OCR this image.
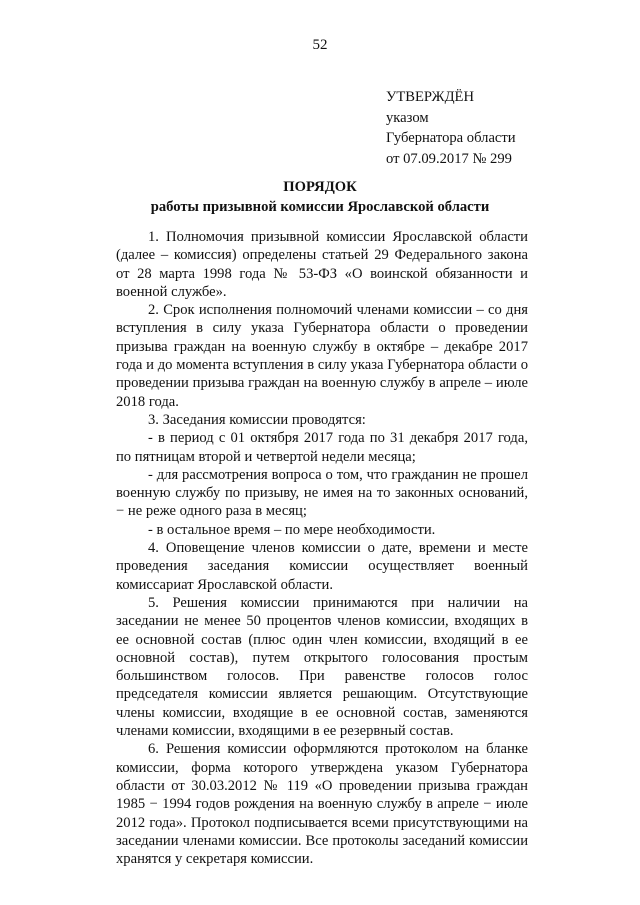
52
УТВЕРЖДЁН
указом
Губернатора области
от 07.09.2017 № 299
ПОРЯДОК
работы призывной комиссии Ярославской области

1. Полномочия призывной комиссии Ярославской области (далее – комиссия) определены статьей 29 Федерального закона от 28 марта 1998 года № 53-ФЗ «О воинской обязанности и военной службе».

2. Срок исполнения полномочий членами комиссии – со дня вступления в силу указа Губернатора области о проведении призыва граждан на военную службу в октябре – декабре 2017 года и до момента вступления в силу указа Губернатора области о проведении призыва граждан на военную службу в апреле – июле 2018 года.

3. Заседания комиссии проводятся:

- в период с 01 октября 2017 года по 31 декабря 2017 года, по пятницам второй и четвертой недели месяца;

- для рассмотрения вопроса о том, что гражданин не прошел военную службу по призыву, не имея на то законных оснований, − не реже одного раза в месяц;

- в остальное время – по мере необходимости.

4. Оповещение членов комиссии о дате, времени и месте проведения заседания комиссии осуществляет военный комиссариат Ярославской области.

5. Решения комиссии принимаются при наличии на заседании не менее 50 процентов членов комиссии, входящих в ее основной состав (плюс один член комиссии, входящий в ее основной состав), путем открытого голосования простым большинством голосов. При равенстве голосов голос председателя комиссии является решающим. Отсутствующие члены комиссии, входящие в ее основной состав, заменяются членами комиссии, входящими в ее резервный состав.

6. Решения комиссии оформляются протоколом на бланке комиссии, форма которого утверждена указом Губернатора области от 30.03.2012 № 119 «О проведении призыва граждан 1985 − 1994 годов рождения на военную службу в апреле − июле 2012 года». Протокол подписывается всеми присутствующими на заседании членами комиссии. Все протоколы заседаний комиссии хранятся у секретаря комиссии.
